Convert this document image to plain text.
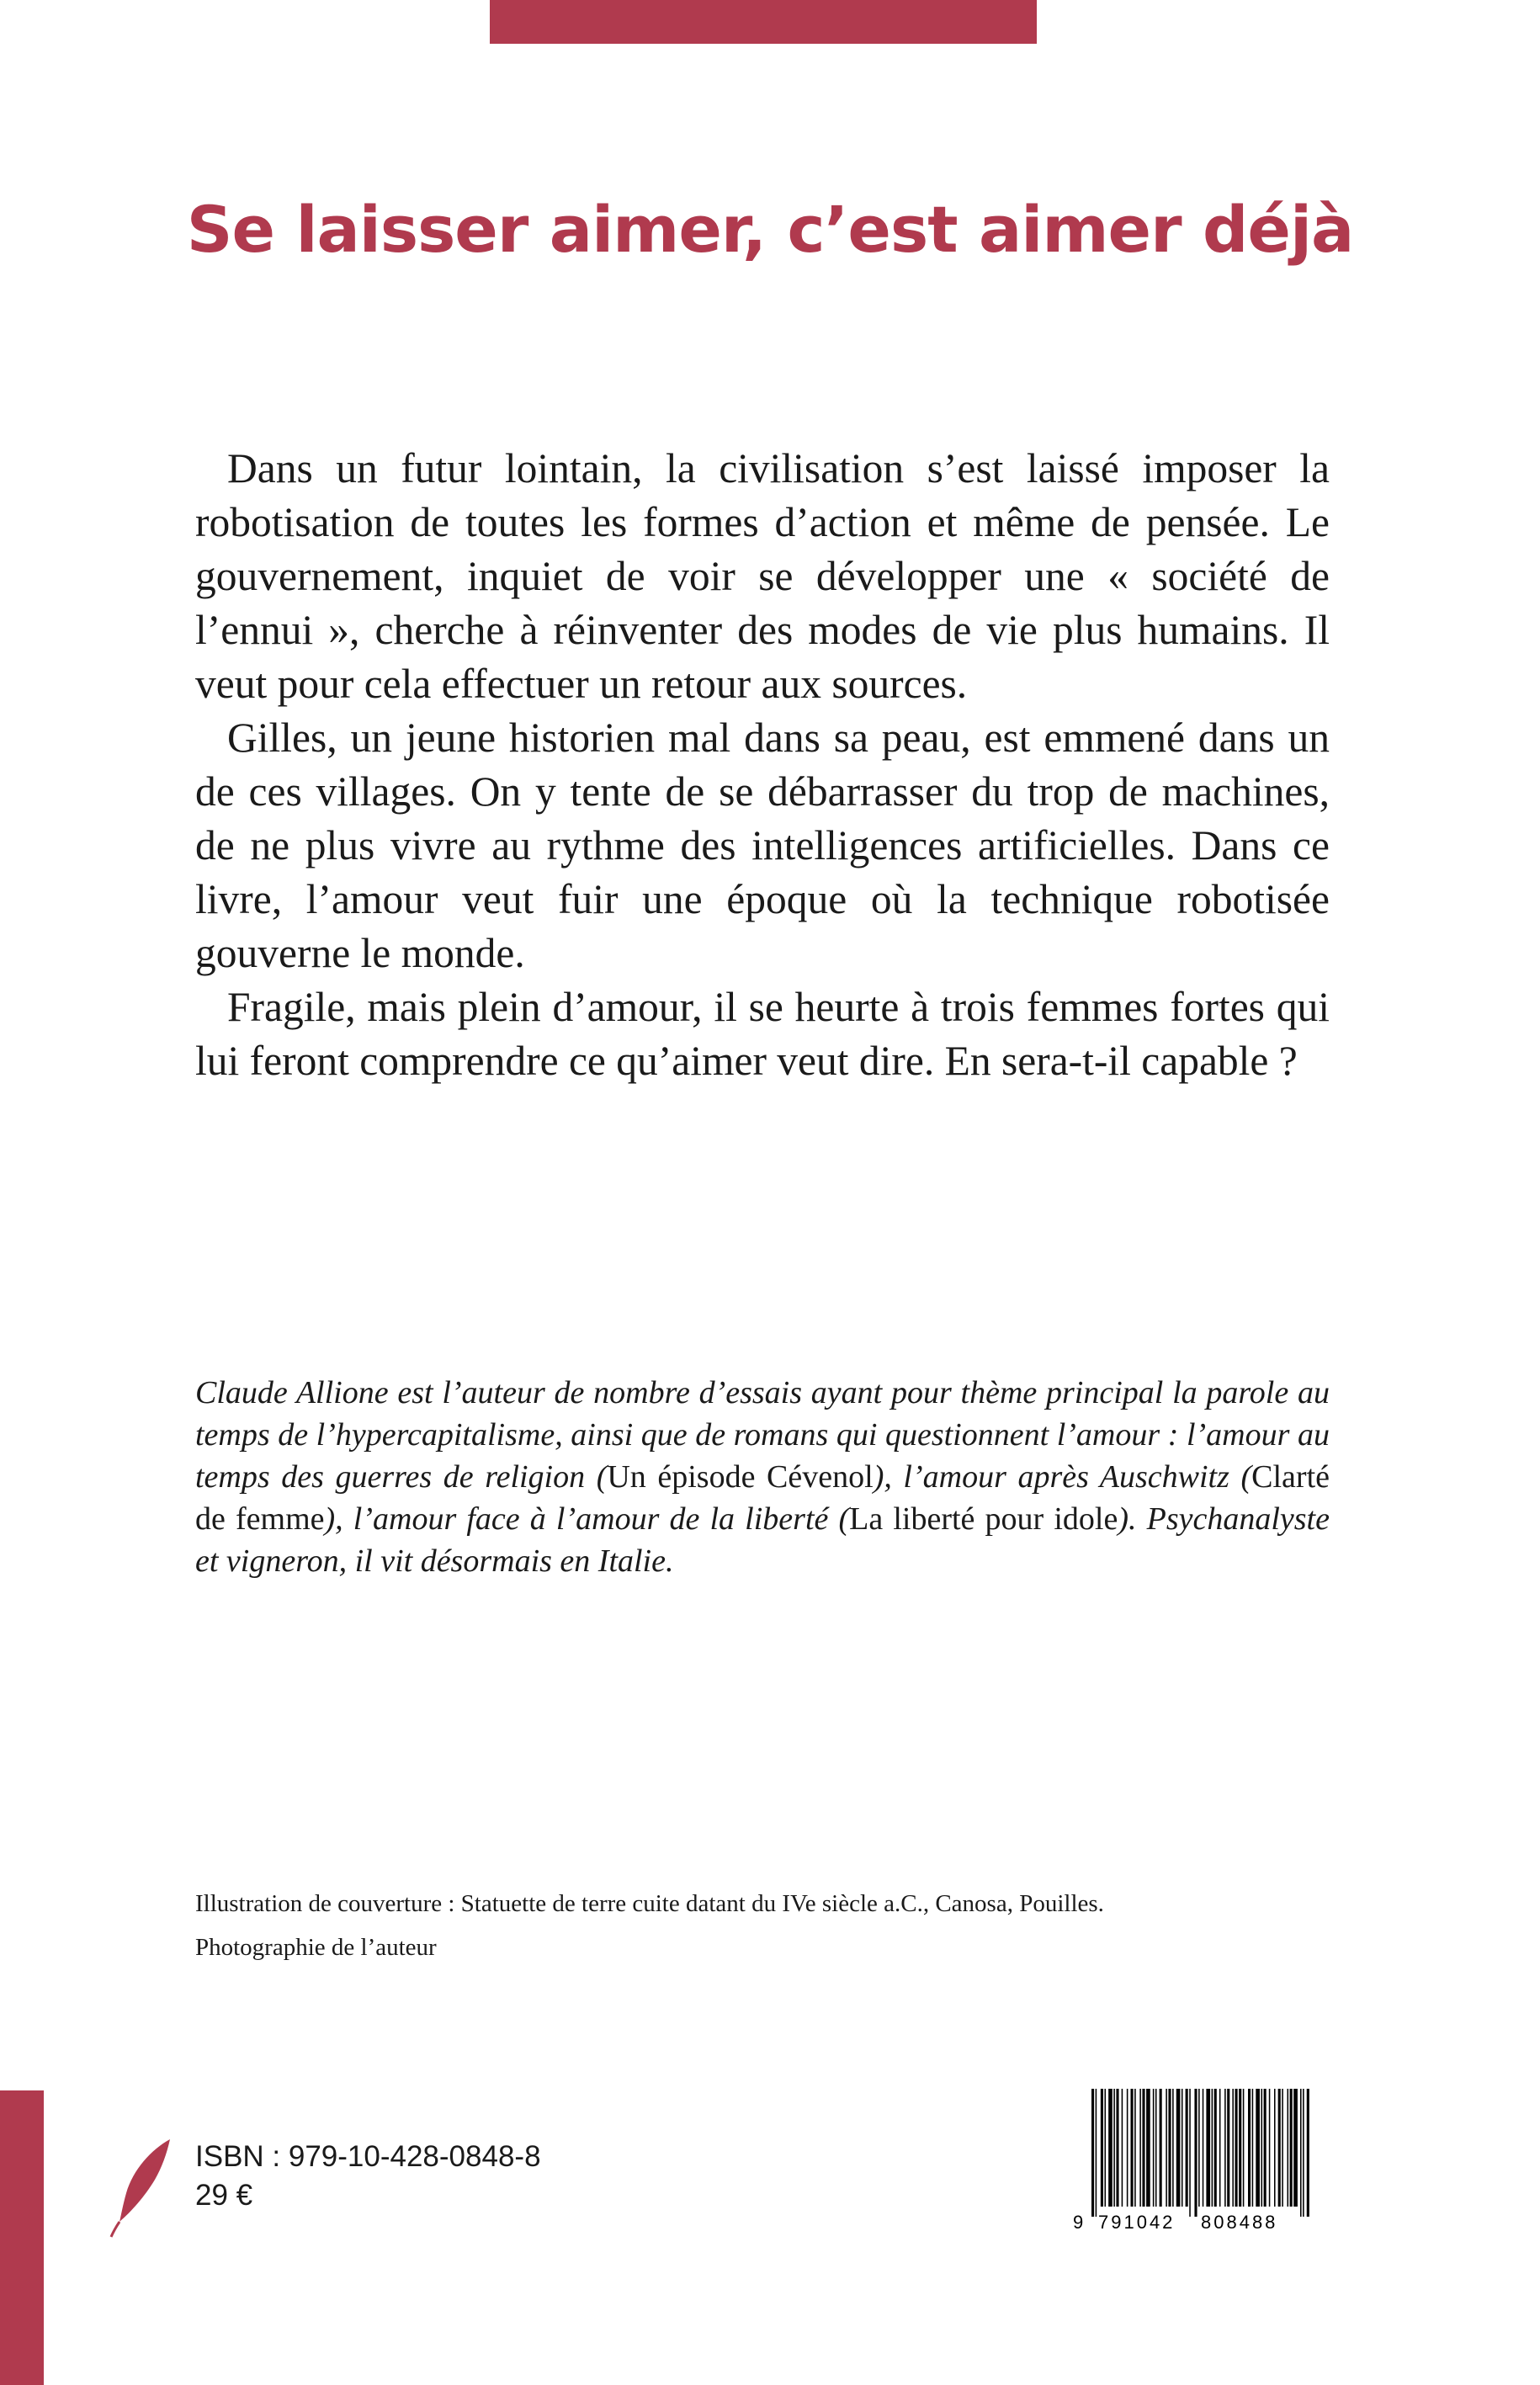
Se laisser aimer, c’est aimer déjà

Dans un futur lointain, la civilisation s’est laissé imposer la robotisation de toutes les formes d’action et même de pensée. Le gouvernement, inquiet de voir se développer une « société de l’ennui », cherche à réinventer des modes de vie plus humains. Il veut pour cela effectuer un retour aux sources.

Gilles, un jeune historien mal dans sa peau, est emmené dans un de ces villages. On y tente de se débarrasser du trop de machines, de ne plus vivre au rythme des intelligences artificielles. Dans ce livre, l’amour veut fuir une époque où la technique robotisée gouverne le monde.

Fragile, mais plein d’amour, il se heurte à trois femmes fortes qui lui feront comprendre ce qu’aimer veut dire. En sera-t-il capable ?

Claude Allione est l’auteur de nombre d’essais ayant pour thème principal la parole au temps de l’hypercapitalisme, ainsi que de romans qui questionnent l’amour : l’amour au temps des guerres de religion (Un épisode Cévenol), l’amour après Auschwitz (Clarté de femme), l’amour face à l’amour de la liberté (La liberté pour idole). Psychanalyste et vigneron, il vit désormais en Italie.

Illustration de couverture : Statuette de terre cuite datant du IVe siècle a.C., Canosa, Pouilles.
Photographie de l’auteur
ISBN : 979-10-428-0848-8
29 €
9 791042 808488
